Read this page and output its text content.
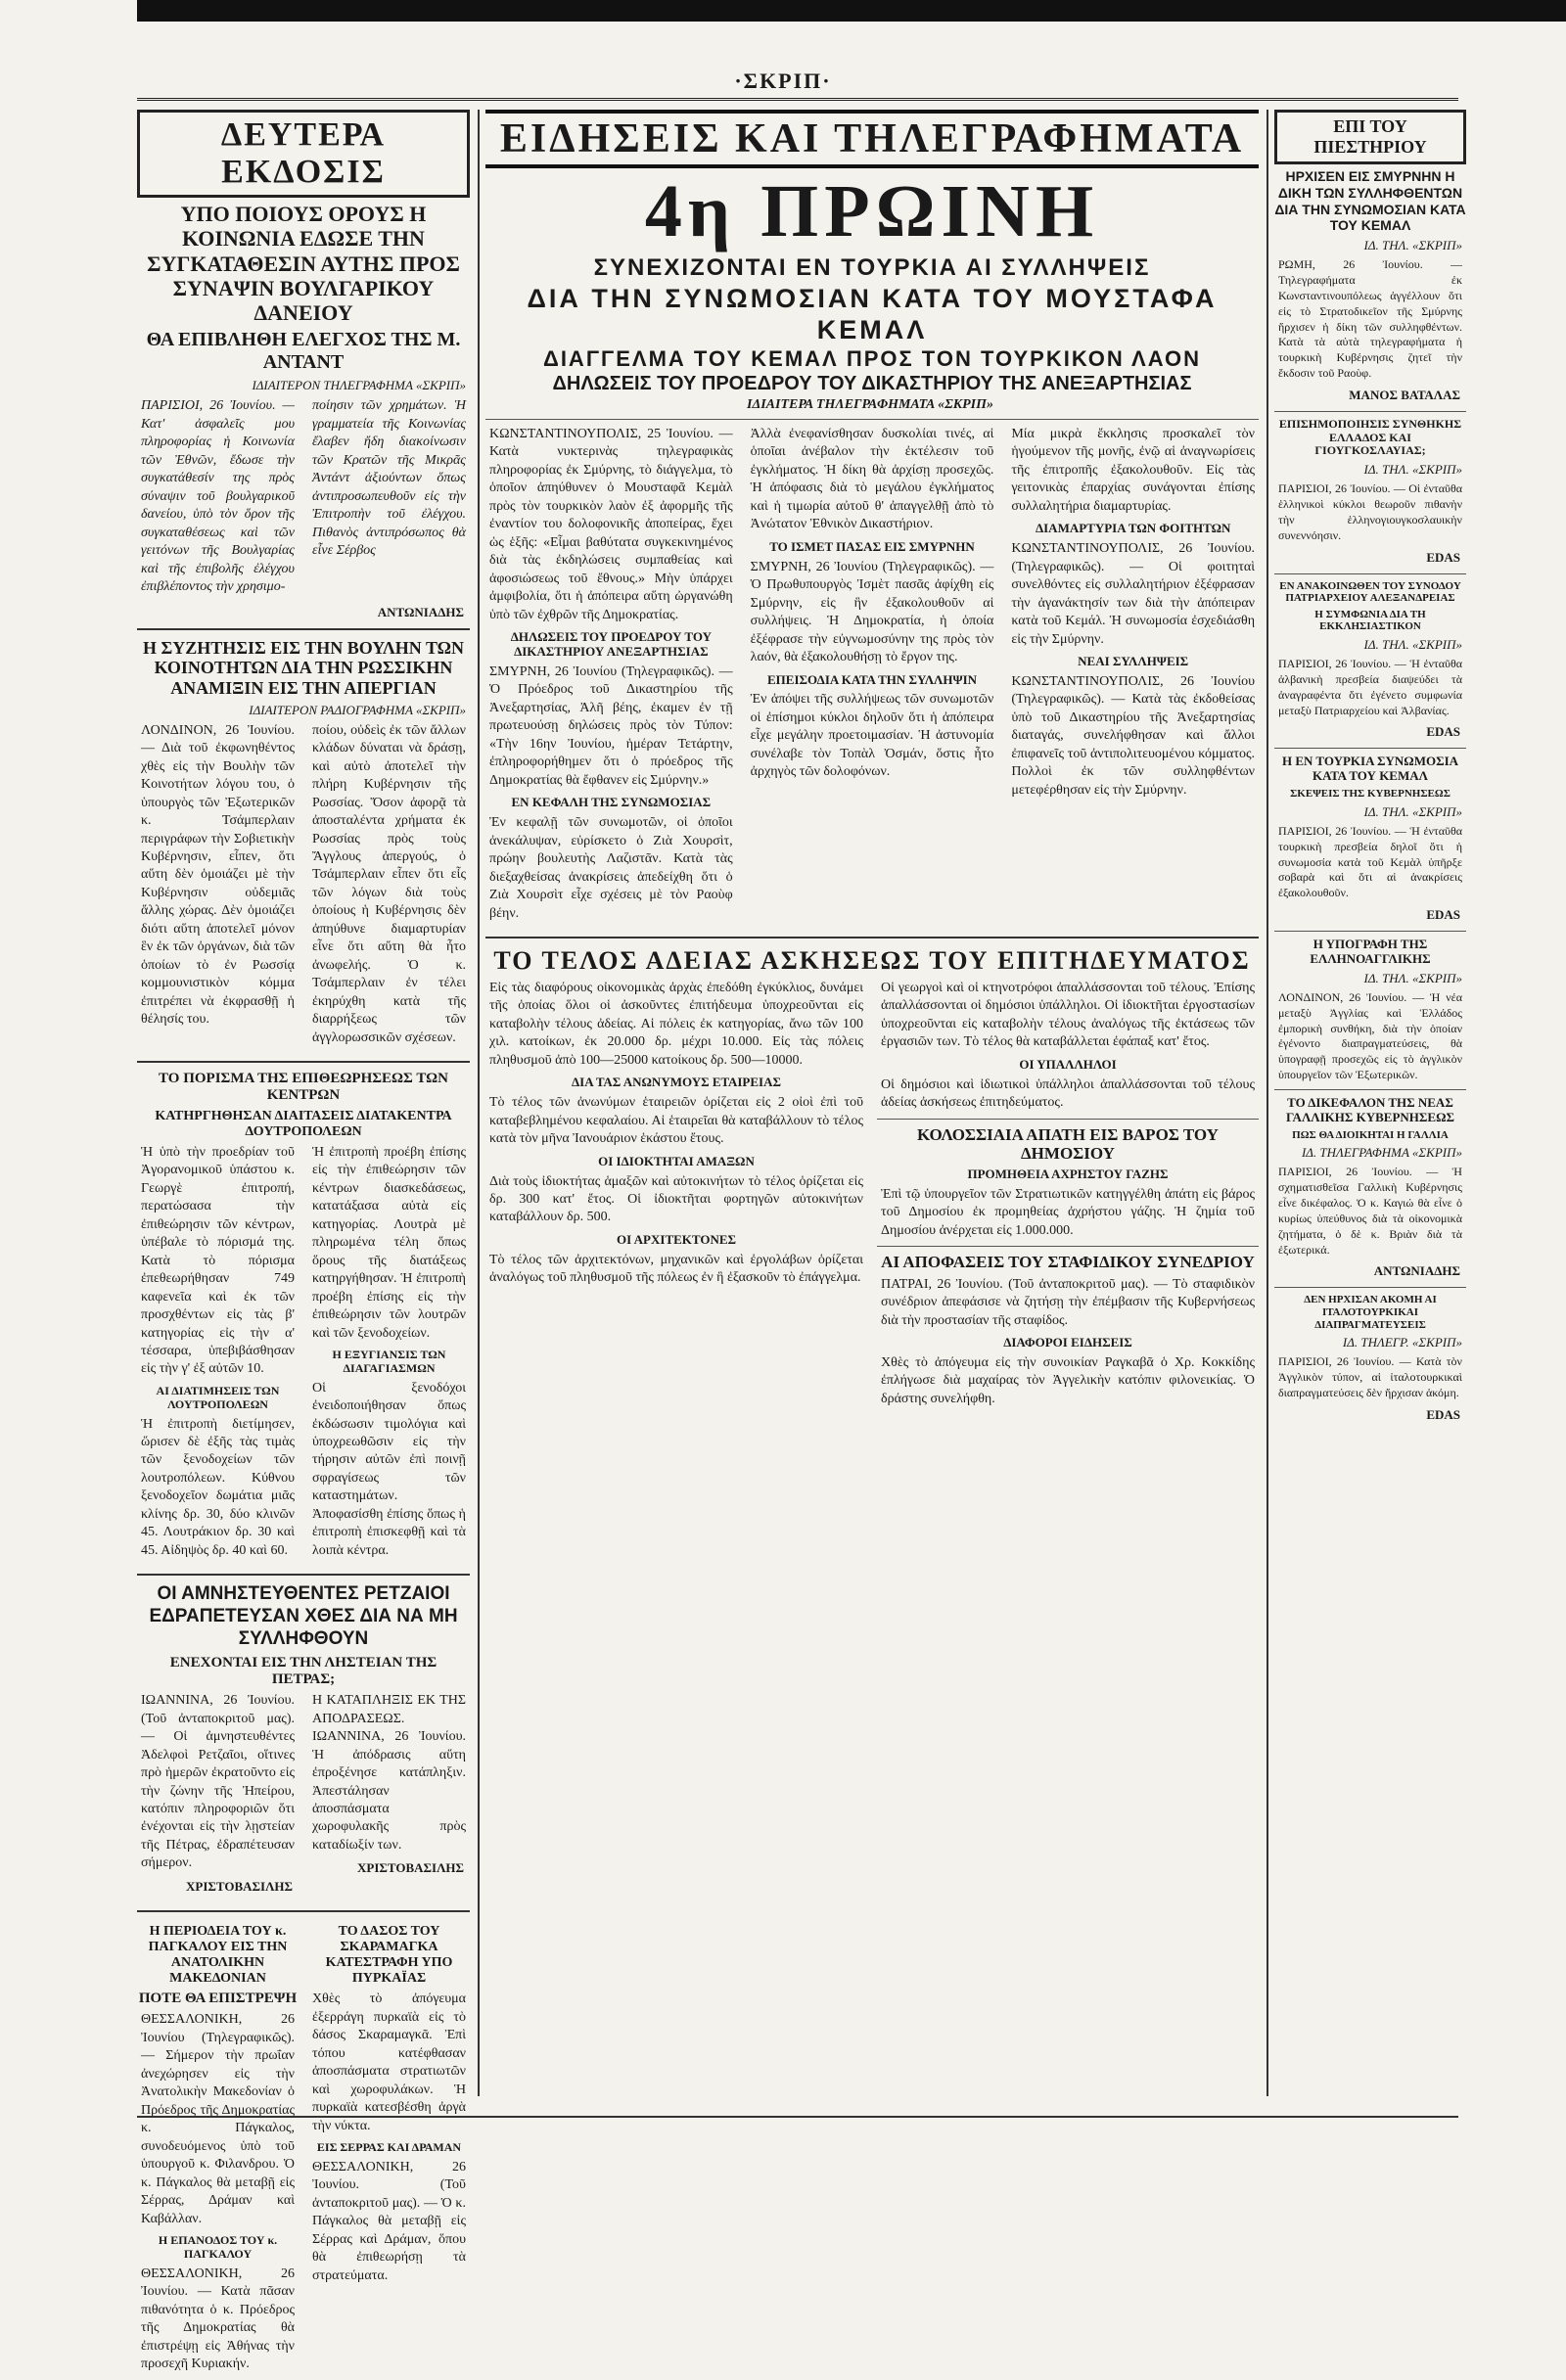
·ΣΚΡΙΠ·
ΔΕΥΤΕΡΑ ΕΚΔΟΣΙΣ
ΥΠΟ ΠΟΙΟΥΣ ΟΡΟΥΣ Η ΚΟΙΝΩΝΙΑ ΕΔΩΣΕ ΤΗΝ ΣΥΓΚΑΤΑΘΕΣΙΝ ΑΥΤΗΣ ΠΡΟΣ ΣΥΝΑΨΙΝ ΒΟΥΛΓΑΡΙΚΟΥ ΔΑΝΕΙΟΥ
ΘΑ ΕΠΙΒΛΗΘΗ ΕΛΕΓΧΟΣ ΤΗΣ Μ. ΑΝΤΑΝΤ
ΙΔΙΑΙΤΕΡΟΝ ΤΗΛΕΓΡΑΦΗΜΑ «ΣΚΡΙΠ»
ΠΑΡΙΣΙΟΙ, 26 Ἰουνίου. — Κατ' ἀσφαλεῖς μου πληροφορίας ἡ Κοινωνία τῶν Ἐθνῶν, ἔδωσε τὴν συγκατάθεσίν της πρὸς σύναψιν τοῦ βουλγαρικοῦ δανείου, ὑπὸ τὸν ὅρον τῆς συγκαταθέσεως καὶ τῶν γειτόνων τῆς Βουλγαρίας καὶ τῆς ἐπιβολῆς ἐλέγχου ἐπιβλέποντος τὴν χρησιμο-
ποίησιν τῶν χρημάτων. Ἡ γραμματεία τῆς Κοινωνίας ἔλαβεν ἤδη διακοίνωσιν τῶν Κρατῶν τῆς Μικρᾶς Ἀντάντ ἀξιούντων ὅπως ἀντιπροσωπευθοῦν εἰς τὴν Ἐπιτροπὴν τοῦ ἐλέγχου. Πιθανὸς ἀντιπρόσωπος θὰ εἶνε Σέρβος
ΑΝΤΩΝΙΑΔΗΣ
Η ΣΥΖΗΤΗΣΙΣ ΕΙΣ ΤΗΝ ΒΟΥΛΗΝ ΤΩΝ ΚΟΙΝΟΤΗΤΩΝ ΔΙΑ ΤΗΝ ΡΩΣΣΙΚΗΝ ΑΝΑΜΙΞΙΝ ΕΙΣ ΤΗΝ ΑΠΕΡΓΙΑΝ
ΙΔΙΑΙΤΕΡΟΝ ΡΑΔΙΟΓΡΑΦΗΜΑ «ΣΚΡΙΠ»
ΛΟΝΔΙΝΟΝ, 26 Ἰουνίου. — Διὰ τοῦ ἐκφωνηθέντος χθὲς εἰς τὴν Βουλὴν τῶν Κοινοτήτων λόγου του, ὁ ὑπουργὸς τῶν Ἐξωτερικῶν κ. Τσάμπερλαιν περιγράφων τὴν Σοβιετικὴν Κυβέρνησιν, εἶπεν, ὅτι αὕτη δὲν ὁμοιάζει μὲ τὴν Κυβέρνησιν οὐδεμιᾶς ἄλλης χώρας. Δὲν ὁμοιάζει διότι αὕτη ἀποτελεῖ μόνον ἓν ἐκ τῶν ὀργάνων, διὰ τῶν ὁποίων τὸ ἐν Ρωσσίᾳ κομμουνιστικὸν κόμμα ἐπιτρέπει νὰ ἐκφρασθῇ ἡ θέλησίς του.
ποίου, οὐδεὶς ἐκ τῶν ἄλλων κλάδων δύναται νὰ δράσῃ, καὶ αὐτὸ ἀποτελεῖ τὴν πλήρη Κυβέρνησιν τῆς Ρωσσίας. Ὅσον ἀφορᾷ τὰ ἀποσταλέντα χρήματα ἐκ Ρωσσίας πρὸς τοὺς Ἄγγλους ἀπεργούς, ὁ Τσάμπερλαιν εἶπεν ὅτι εἷς τῶν λόγων διὰ τοὺς ὁποίους ἡ Κυβέρνησις δὲν ἀπηύθυνε διαμαρτυρίαν εἶνε ὅτι αὕτη θὰ ἦτο ἀνωφελής. Ὁ κ. Τσάμπερλαιν ἐν τέλει ἐκηρύχθη κατὰ τῆς διαρρήξεως τῶν ἀγγλορωσσικῶν σχέσεων.
ΤΟ ΠΟΡΙΣΜΑ ΤΗΣ ΕΠΙΘΕΩΡΗΣΕΩΣ ΤΩΝ ΚΕΝΤΡΩΝ
ΚΑΤΗΡΓΗΘΗΣΑΝ ΔΙΑΙΤΑΣΕΙΣ ΔΙΑΤΑΚΕΝΤΡΑ ΔΟΥΤΡΟΠΟΛΕΩΝ
Ἡ ὑπὸ τὴν προεδρίαν τοῦ Ἀγορανομικοῦ ὑπάστου κ. Γεωργὲ ἐπιτροπή, περατώσασα τὴν ἐπιθεώρησιν τῶν κέντρων, ὑπέβαλε τὸ πόρισμά της. Κατὰ τὸ πόρισμα ἐπεθεωρήθησαν 749 καφενεῖα καὶ ἐκ τῶν προσχθέντων εἰς τὰς β' κατηγορίας εἰς τὴν α' τέσσαρα, ὑπεβιβάσθησαν εἰς τὴν γ' ἐξ αὐτῶν 10.
ΑΙ ΔΙΑΤΙΜΗΣΕΙΣ ΤΩΝ ΛΟΥΤΡΟΠΟΛΕΩΝ
Ἡ ἐπιτροπὴ διετίμησεν, ὥρισεν δὲ ἐξῆς τὰς τιμὰς τῶν ξενοδοχείων τῶν λουτροπόλεων. Κύθνου ξενοδοχεῖον δωμάτια μιᾶς κλίνης δρ. 30, δύο κλινῶν 45. Λουτράκιον δρ. 30 καὶ 45. Αἰδηψὸς δρ. 40 καὶ 60.
Ἡ ἐπιτροπὴ προέβη ἐπίσης εἰς τὴν ἐπιθεώρησιν τῶν κέντρων διασκεδάσεως, κατατάξασα αὐτὰ εἰς κατηγορίας. Λουτρὰ μὲ πληρωμένα τέλη ὅπως ὅρους τῆς διατάξεως κατηργήθησαν. Ἡ ἐπιτροπὴ προέβη ἐπίσης εἰς τὴν ἐπιθεώρησιν τῶν λουτρῶν καὶ τῶν ξενοδοχείων.
Η ΕΞΥΓΙΑΝΣΙΣ ΤΩΝ ΔΙΑΓΑΓΙΑΣΜΩΝ
Οἱ ξενοδόχοι ἐνειδοποιήθησαν ὅπως ἐκδώσωσιν τιμολόγια καὶ ὑποχρεωθῶσιν εἰς τὴν τήρησιν αὐτῶν ἐπὶ ποινῇ σφραγίσεως τῶν καταστημάτων. Ἀποφασίσθη ἐπίσης ὅπως ἡ ἐπιτροπὴ ἐπισκεφθῇ καὶ τὰ λοιπὰ κέντρα.
ΟΙ ΑΜΝΗΣΤΕΥΘΕΝΤΕΣ ΡΕΤΖΑΙΟΙ ΕΔΡΑΠΕΤΕΥΣΑΝ ΧΘΕΣ ΔΙΑ ΝΑ ΜΗ ΣΥΛΛΗΦΘΟΥΝ
ΕΝΕΧΟΝΤΑΙ ΕΙΣ ΤΗΝ ΛΗΣΤΕΙΑΝ ΤΗΣ ΠΕΤΡΑΣ;
ΙΩΑΝΝΙΝΑ, 26 Ἰουνίου. (Τοῦ ἀνταποκριτοῦ μας). — Οἱ ἀμνηστευθέντες Ἀδελφοὶ Ρετζαῖοι, οἵτινες πρὸ ἡμερῶν ἐκρατοῦντο εἰς τὴν ζώνην τῆς Ἠπείρου, κατόπιν πληροφοριῶν ὅτι ἐνέχονται εἰς τὴν λῃστείαν τῆς Πέτρας, ἐδραπέτευσαν σήμερον.
ΧΡΙΣΤΟΒΑΣΙΛΗΣ
Η ΚΑΤΑΠΛΗΞΙΣ ΕΚ ΤΗΣ ΑΠΟΔΡΑΣΕΩΣ. ΙΩΑΝΝΙΝΑ, 26 Ἰουνίου. Ἡ ἀπόδρασις αὕτη ἐπροξένησε κατάπληξιν. Ἀπεστάλησαν ἀποσπάσματα χωροφυλακῆς πρὸς καταδίωξίν των.
ΧΡΙΣΤΟΒΑΣΙΛΗΣ
Η ΠΕΡΙΟΔΕΙΑ ΤΟΥ κ. ΠΑΓΚΑΛΟΥ ΕΙΣ ΤΗΝ ΑΝΑΤΟΛΙΚΗΝ ΜΑΚΕΔΟΝΙΑΝ
ΠΟΤΕ ΘΑ ΕΠΙΣΤΡΕΨΗ
ΘΕΣΣΑΛΟΝΙΚΗ, 26 Ἰουνίου (Τηλεγραφικῶς). — Σήμερον τὴν πρωΐαν ἀνεχώρησεν εἰς τὴν Ἀνατολικὴν Μακεδονίαν ὁ Πρόεδρος τῆς Δημοκρατίας κ. Πάγκαλος, συνοδευόμενος ὑπὸ τοῦ ὑπουργοῦ κ. Φιλανδρου. Ὁ κ. Πάγκαλος θὰ μεταβῇ εἰς Σέρρας, Δράμαν καὶ Καβάλλαν.
Η ΕΠΑΝΟΔΟΣ ΤΟΥ κ. ΠΑΓΚΑΛΟΥ
ΘΕΣΣΑΛΟΝΙΚΗ, 26 Ἰουνίου. — Κατὰ πᾶσαν πιθανότητα ὁ κ. Πρόεδρος τῆς Δημοκρατίας θὰ ἐπιστρέψῃ εἰς Ἀθήνας τὴν προσεχῆ Κυριακήν.
ΤΟ ΔΑΣΟΣ ΤΟΥ ΣΚΑΡΑΜΑΓΚΑ ΚΑΤΕΣΤΡΑΦΗ ΥΠΟ ΠΥΡΚΑΪΑΣ
Χθὲς τὸ ἀπόγευμα ἐξερράγη πυρκαϊὰ εἰς τὸ δάσος Σκαραμαγκᾶ. Ἐπὶ τόπου κατέφθασαν ἀποσπάσματα στρατιωτῶν καὶ χωροφυλάκων. Ἡ πυρκαϊὰ κατεσβέσθη ἀργὰ τὴν νύκτα.
ΕΙΣ ΣΕΡΡΑΣ ΚΑΙ ΔΡΑΜΑΝ
ΘΕΣΣΑΛΟΝΙΚΗ, 26 Ἰουνίου. (Τοῦ ἀνταποκριτοῦ μας). — Ὁ κ. Πάγκαλος θὰ μεταβῇ εἰς Σέρρας καὶ Δράμαν, ὅπου θὰ ἐπιθεωρήσῃ τὰ στρατεύματα.
ΕΙΔΗΣΕΙΣ ΚΑΙ ΤΗΛΕΓΡΑΦΗΜΑΤΑ
4η ΠΡΩΙΝΗ
ΣΥΝΕΧΙΖΟΝΤΑΙ ΕΝ ΤΟΥΡΚΙΑ ΑΙ ΣΥΛΛΗΨΕΙΣ
ΔΙΑ ΤΗΝ ΣΥΝΩΜΟΣΙΑΝ ΚΑΤΑ ΤΟΥ ΜΟΥΣΤΑΦΑ ΚΕΜΑΛ
ΔΙΑΓΓΕΛΜΑ ΤΟΥ ΚΕΜΑΛ ΠΡΟΣ ΤΟΝ ΤΟΥΡΚΙΚΟΝ ΛΑΟΝ
ΔΗΛΩΣΕΙΣ ΤΟΥ ΠΡΟΕΔΡΟΥ ΤΟΥ ΔΙΚΑΣΤΗΡΙΟΥ ΤΗΣ ΑΝΕΞΑΡΤΗΣΙΑΣ
ΙΔΙΑΙΤΕΡΑ ΤΗΛΕΓΡΑΦΗΜΑΤΑ «ΣΚΡΙΠ»
ΚΩΝΣΤΑΝΤΙΝΟΥΠΟΛΙΣ, 25 Ἰουνίου. — Κατὰ νυκτερινὰς τηλεγραφικὰς πληροφορίας ἐκ Σμύρνης, τὸ διάγγελμα, τὸ ὁποῖον ἀπηύθυνεν ὁ Μουσταφᾶ Κεμὰλ πρὸς τὸν τουρκικὸν λαὸν ἐξ ἀφορμῆς τῆς ἐναντίον του δολοφονικῆς ἀποπείρας, ἔχει ὡς ἑξῆς: «Εἶμαι βαθύτατα συγκεκινημένος διὰ τὰς ἐκδηλώσεις συμπαθείας καὶ ἀφοσιώσεως τοῦ ἔθνους.» Μὴν ὑπάρχει ἀμφιβολία, ὅτι ἡ ἀπόπειρα αὕτη ὠργανώθη ὑπὸ τῶν ἐχθρῶν τῆς Δημοκρατίας.
ΔΗΛΩΣΕΙΣ ΤΟΥ ΠΡΟΕΔΡΟΥ ΤΟΥ ΔΙΚΑΣΤΗΡΙΟΥ ΑΝΕΞΑΡΤΗΣΙΑΣ
ΣΜΥΡΝΗ, 26 Ἰουνίου (Τηλεγραφικῶς). — Ὁ Πρόεδρος τοῦ Δικαστηρίου τῆς Ἀνεξαρτησίας, Ἀλῆ βέης, ἐκαμεν ἐν τῇ πρωτευούσῃ δηλώσεις πρὸς τὸν Τύπον: «Τὴν 16ην Ἰουνίου, ἡμέραν Τετάρτην, ἐπληροφορήθημεν ὅτι ὁ πρόεδρος τῆς Δημοκρατίας θὰ ἔφθανεν εἰς Σμύρνην.»
ΕΝ ΚΕΦΑΛΗ ΤΗΣ ΣΥΝΩΜΟΣΙΑΣ
Ἐν κεφαλῇ τῶν συνωμοτῶν, οἱ ὁποῖοι ἀνεκάλυψαν, εὑρίσκετο ὁ Ζιὰ Χουρσὶτ, πρώην βουλευτὴς Λαζιστᾶν. Κατὰ τὰς διεξαχθείσας ἀνακρίσεις ἀπεδείχθη ὅτι ὁ Ζιὰ Χουρσὶτ εἶχε σχέσεις μὲ τὸν Ραοὺφ βέην.
Ἀλλὰ ἐνεφανίσθησαν δυσκολίαι τινές, αἱ ὁποῖαι ἀνέβαλον τὴν ἐκτέλεσιν τοῦ ἐγκλήματος. Ἡ δίκη θὰ ἀρχίσῃ προσεχῶς. Ἡ ἀπόφασις διὰ τὸ μεγάλου ἐγκλήματος καὶ ἡ τιμωρία αὐτοῦ θ' ἀπαγγελθῇ ἀπὸ τὸ Ἀνώτατον Ἐθνικὸν Δικαστήριον.
ΤΟ ΙΣΜΕΤ ΠΑΣΑΣ ΕΙΣ ΣΜΥΡΝΗΝ
ΣΜΥΡΝΗ, 26 Ἰουνίου (Τηλεγραφικῶς). — Ὁ Πρωθυπουργὸς Ἰσμὲτ πασᾶς ἀφίχθη εἰς Σμύρνην, εἰς ἣν ἐξακολουθοῦν αἱ συλλήψεις. Ἡ Δημοκρατία, ἡ ὁποία ἐξέφρασε τὴν εὐγνωμοσύνην της πρὸς τὸν λαόν, θὰ ἐξακολουθήσῃ τὸ ἔργον της.
ΕΠΕΙΣΟΔΙΑ ΚΑΤΑ ΤΗΝ ΣΥΛΛΗΨΙΝ
Ἐν ἀπόψει τῆς συλλήψεως τῶν συνωμοτῶν οἱ ἐπίσημοι κύκλοι δηλοῦν ὅτι ἡ ἀπόπειρα εἶχε μεγάλην προετοιμασίαν. Ἡ ἀστυνομία συνέλαβε τὸν Τοπὰλ Ὀσμάν, ὅστις ἦτο ἀρχηγὸς τῶν δολοφόνων.
Μία μικρὰ ἔκκλησις προσκαλεῖ τὸν ἡγούμενον τῆς μονῆς, ἐνῷ αἱ ἀναγνωρίσεις τῆς ἐπιτροπῆς ἐξακολουθοῦν. Εἰς τὰς γειτονικὰς ἐπαρχίας συνάγονται ἐπίσης συλλαλητήρια διαμαρτυρίας.
ΔΙΑΜΑΡΤΥΡΙΑ ΤΩΝ ΦΟΙΤΗΤΩΝ
ΚΩΝΣΤΑΝΤΙΝΟΥΠΟΛΙΣ, 26 Ἰουνίου. (Τηλεγραφικῶς). — Οἱ φοιτηταὶ συνελθόντες εἰς συλλαλητήριον ἐξέφρασαν τὴν ἀγανάκτησίν των διὰ τὴν ἀπόπειραν κατὰ τοῦ Κεμάλ. Ἡ συνωμοσία ἐσχεδιάσθη εἰς τὴν Σμύρνην.
ΝΕΑΙ ΣΥΛΛΗΨΕΙΣ
ΚΩΝΣΤΑΝΤΙΝΟΥΠΟΛΙΣ, 26 Ἰουνίου (Τηλεγραφικῶς). — Κατὰ τὰς ἐκδοθείσας ὑπὸ τοῦ Δικαστηρίου τῆς Ἀνεξαρτησίας διαταγάς, συνελήφθησαν καὶ ἄλλοι ἐπιφανεῖς τοῦ ἀντιπολιτευομένου κόμματος. Πολλοὶ ἐκ τῶν συλληφθέντων μετεφέρθησαν εἰς τὴν Σμύρνην.
ΤΟ ΤΕΛΟΣ ΑΔΕΙΑΣ ΑΣΚΗΣΕΩΣ ΤΟΥ ΕΠΙΤΗΔΕΥΜΑΤΟΣ
Εἰς τὰς διαφόρους οἰκονομικὰς ἀρχὰς ἐπεδόθη ἐγκύκλιος, δυνάμει τῆς ὁποίας ὅλοι οἱ ἀσκοῦντες ἐπιτήδευμα ὑποχρεοῦνται εἰς καταβολὴν τέλους ἀδείας. Αἱ πόλεις ἐκ κατηγορίας, ἄνω τῶν 100 χιλ. κατοίκων, ἐκ 20.000 δρ. μέχρι 10.000. Εἰς τὰς πόλεις πληθυσμοῦ ἀπὸ 100—25000 κατοίκους δρ. 500—10000.
ΔΙΑ ΤΑΣ ΑΝΩΝΥΜΟΥΣ ΕΤΑΙΡΕΙΑΣ
Τὸ τέλος τῶν ἀνωνύμων ἑταιρειῶν ὁρίζεται εἰς 2 οἰοὶ ἐπὶ τοῦ καταβεβλημένου κεφαλαίου. Αἱ ἑταιρεῖαι θὰ καταβάλλουν τὸ τέλος κατὰ τὸν μῆνα Ἰανουάριον ἑκάστου ἔτους.
ΟΙ ΙΔΙΟΚΤΗΤΑΙ ΑΜΑΞΩΝ
Διὰ τοὺς ἰδιοκτήτας ἁμαξῶν καὶ αὐτοκινήτων τὸ τέλος ὁρίζεται εἰς δρ. 300 κατ' ἔτος. Οἱ ἰδιοκτῆται φορτηγῶν αὐτοκινήτων καταβάλλουν δρ. 500.
ΟΙ ΑΡΧΙΤΕΚΤΟΝΕΣ
Τὸ τέλος τῶν ἀρχιτεκτόνων, μηχανικῶν καὶ ἐργολάβων ὁρίζεται ἀναλόγως τοῦ πληθυσμοῦ τῆς πόλεως ἐν ἣ ἐξασκοῦν τὸ ἐπάγγελμα.
Οἱ γεωργοὶ καὶ οἱ κτηνοτρόφοι ἀπαλλάσσονται τοῦ τέλους. Ἐπίσης ἀπαλλάσσονται οἱ δημόσιοι ὑπάλληλοι. Οἱ ἰδιοκτῆται ἐργοστασίων ὑποχρεοῦνται εἰς καταβολὴν τέλους ἀναλόγως τῆς ἐκτάσεως τῶν ἐργασιῶν των. Τὸ τέλος θὰ καταβάλλεται ἐφάπαξ κατ' ἔτος.
ΟΙ ΥΠΑΛΛΗΛΟΙ
Οἱ δημόσιοι καὶ ἰδιωτικοὶ ὑπάλληλοι ἀπαλλάσσονται τοῦ τέλους ἀδείας ἀσκήσεως ἐπιτηδεύματος.
ΚΟΛΟΣΣΙΑΙΑ ΑΠΑΤΗ ΕΙΣ ΒΑΡΟΣ ΤΟΥ ΔΗΜΟΣΙΟΥ
ΠΡΟΜΗΘΕΙΑ ΑΧΡΗΣΤΟΥ ΓΑΖΗΣ
Ἐπὶ τῷ ὑπουργεῖον τῶν Στρατιωτικῶν κατηγγέλθη ἀπάτη εἰς βάρος τοῦ Δημοσίου ἐκ προμηθείας ἀχρήστου γάζης. Ἡ ζημία τοῦ Δημοσίου ἀνέρχεται εἰς 1.000.000.
ΑΙ ΑΠΟΦΑΣΕΙΣ ΤΟΥ ΣΤΑΦΙΔΙΚΟΥ ΣΥΝΕΔΡΙΟΥ
ΠΑΤΡΑΙ, 26 Ἰουνίου. (Τοῦ ἀνταποκριτοῦ μας). — Τὸ σταφιδικὸν συνέδριον ἀπεφάσισε νὰ ζητήσῃ τὴν ἐπέμβασιν τῆς Κυβερνήσεως διὰ τὴν προστασίαν τῆς σταφίδος.
ΔΙΑΦΟΡΟΙ ΕΙΔΗΣΕΙΣ
Χθὲς τὸ ἀπόγευμα εἰς τὴν συνοικίαν Ραγκαβᾶ ὁ Χρ. Κοκκίδης ἐπλήγωσε διὰ μαχαίρας τὸν Ἀγγελικὴν κατόπιν φιλονεικίας. Ὁ δράστης συνελήφθη.
ΕΠΙ ΤΟΥ ΠΙΕΣΤΗΡΙΟΥ
ΗΡΧΙΣΕΝ ΕΙΣ ΣΜΥΡΝΗΝ Η ΔΙΚΗ ΤΩΝ ΣΥΛΛΗΦΘΕΝΤΩΝ ΔΙΑ ΤΗΝ ΣΥΝΩΜΟΣΙΑΝ ΚΑΤΑ ΤΟΥ ΚΕΜΑΛ
ΙΔ. ΤΗΛ. «ΣΚΡΙΠ»
ΡΩΜΗ, 26 Ἰουνίου. — Τηλεγραφήματα ἐκ Κωνσταντινουπόλεως ἀγγέλλουν ὅτι εἰς τὸ Στρατοδικεῖον τῆς Σμύρνης ἤρχισεν ἡ δίκη τῶν συλληφθέντων. Κατὰ τὰ αὐτὰ τηλεγραφήματα ἡ τουρκικὴ Κυβέρνησις ζητεῖ τὴν ἔκδοσιν τοῦ Ραοὺφ.
ΜΑΝΟΣ ΒΑΤΑΛΑΣ
ΕΠΙΣΗΜΟΠΟΙΗΣΙΣ ΣΥΝΘΗΚΗΣ ΕΛΛΑΔΟΣ ΚΑΙ ΓΙΟΥΓΚΟΣΛΑΥΙΑΣ;
ΙΔ. ΤΗΛ. «ΣΚΡΙΠ»
ΠΑΡΙΣΙΟΙ, 26 Ἰουνίου. — Οἱ ἐνταῦθα ἑλληνικοὶ κύκλοι θεωροῦν πιθανὴν τὴν ἑλληνογιουγκοσλαυικὴν συνεννόησιν.
EDAS
ΕΝ ΑΝΑΚΟΙΝΩΘΕΝ ΤΟΥ ΣΥΝΟΔΟΥ ΠΑΤΡΙΑΡΧΕΙΟΥ ΑΛΕΞΑΝΔΡΕΙΑΣ
Η ΣΥΜΦΩΝΙΑ ΔΙΑ ΤΗ ΕΚΚΛΗΣΙΑΣΤΙΚΟΝ
ΙΔ. ΤΗΛ. «ΣΚΡΙΠ»
ΠΑΡΙΣΙΟΙ, 26 Ἰουνίου. — Ἡ ἐνταῦθα ἀλβανικὴ πρεσβεία διαψεύδει τὰ ἀναγραφέντα ὅτι ἐγένετο συμφωνία μεταξὺ Πατριαρχείου καὶ Ἀλβανίας.
EDAS
Η ΕΝ ΤΟΥΡΚΙΑ ΣΥΝΩΜΟΣΙΑ ΚΑΤΑ ΤΟΥ ΚΕΜΑΛ
ΣΚΕΨΕΙΣ ΤΗΣ ΚΥΒΕΡΝΗΣΕΩΣ
ΙΔ. ΤΗΛ. «ΣΚΡΙΠ»
ΠΑΡΙΣΙΟΙ, 26 Ἰουνίου. — Ἡ ἐνταῦθα τουρκικὴ πρεσβεία δηλοῖ ὅτι ἡ συνωμοσία κατὰ τοῦ Κεμὰλ ὑπῆρξε σοβαρὰ καὶ ὅτι αἱ ἀνακρίσεις ἐξακολουθοῦν.
EDAS
Η ΥΠΟΓΡΑΦΗ ΤΗΣ ΕΛΛΗΝΟΑΓΓΛΙΚΗΣ
ΙΔ. ΤΗΛ. «ΣΚΡΙΠ»
ΛΟΝΔΙΝΟΝ, 26 Ἰουνίου. — Ἡ νέα μεταξὺ Ἀγγλίας καὶ Ἑλλάδος ἐμπορικὴ συνθήκη, διὰ τὴν ὁποίαν ἐγένοντο διαπραγματεύσεις, θὰ ὑπογραφῇ προσεχῶς εἰς τὸ ἀγγλικὸν ὑπουργεῖον τῶν Ἐξωτερικῶν.
ΤΟ ΔΙΚΕΦΑΛΟΝ ΤΗΣ ΝΕΑΣ ΓΑΛΛΙΚΗΣ ΚΥΒΕΡΝΗΣΕΩΣ
ΠΩΣ ΘΑ ΔΙΟΙΚΗΤΑΙ Η ΓΑΛΛΙΑ
ΙΔ. ΤΗΛΕΓΡΑΦΗΜΑ «ΣΚΡΙΠ»
ΠΑΡΙΣΙΟΙ, 26 Ἰουνίου. — Ἡ σχηματισθεῖσα Γαλλικὴ Κυβέρνησις εἶνε δικέφαλος. Ὁ κ. Καγιώ θὰ εἶνε ὁ κυρίως ὑπεύθυνος διὰ τὰ οἰκονομικὰ ζητήματα, ὁ δὲ κ. Βριὰν διὰ τὰ ἐξωτερικά.
ΑΝΤΩΝΙΑΔΗΣ
ΔΕΝ ΗΡΧΙΣΑΝ ΑΚΟΜΗ ΑΙ ΙΤΑΛΟΤΟΥΡΚΙΚΑΙ ΔΙΑΠΡΑΓΜΑΤΕΥΣΕΙΣ
ΙΔ. ΤΗΛΕΓΡ. «ΣΚΡΙΠ»
ΠΑΡΙΣΙΟΙ, 26 Ἰουνίου. — Κατὰ τὸν Ἀγγλικὸν τύπον, αἱ ἰταλοτουρκικαὶ διαπραγματεύσεις δὲν ἤρχισαν ἀκόμη.
EDAS
